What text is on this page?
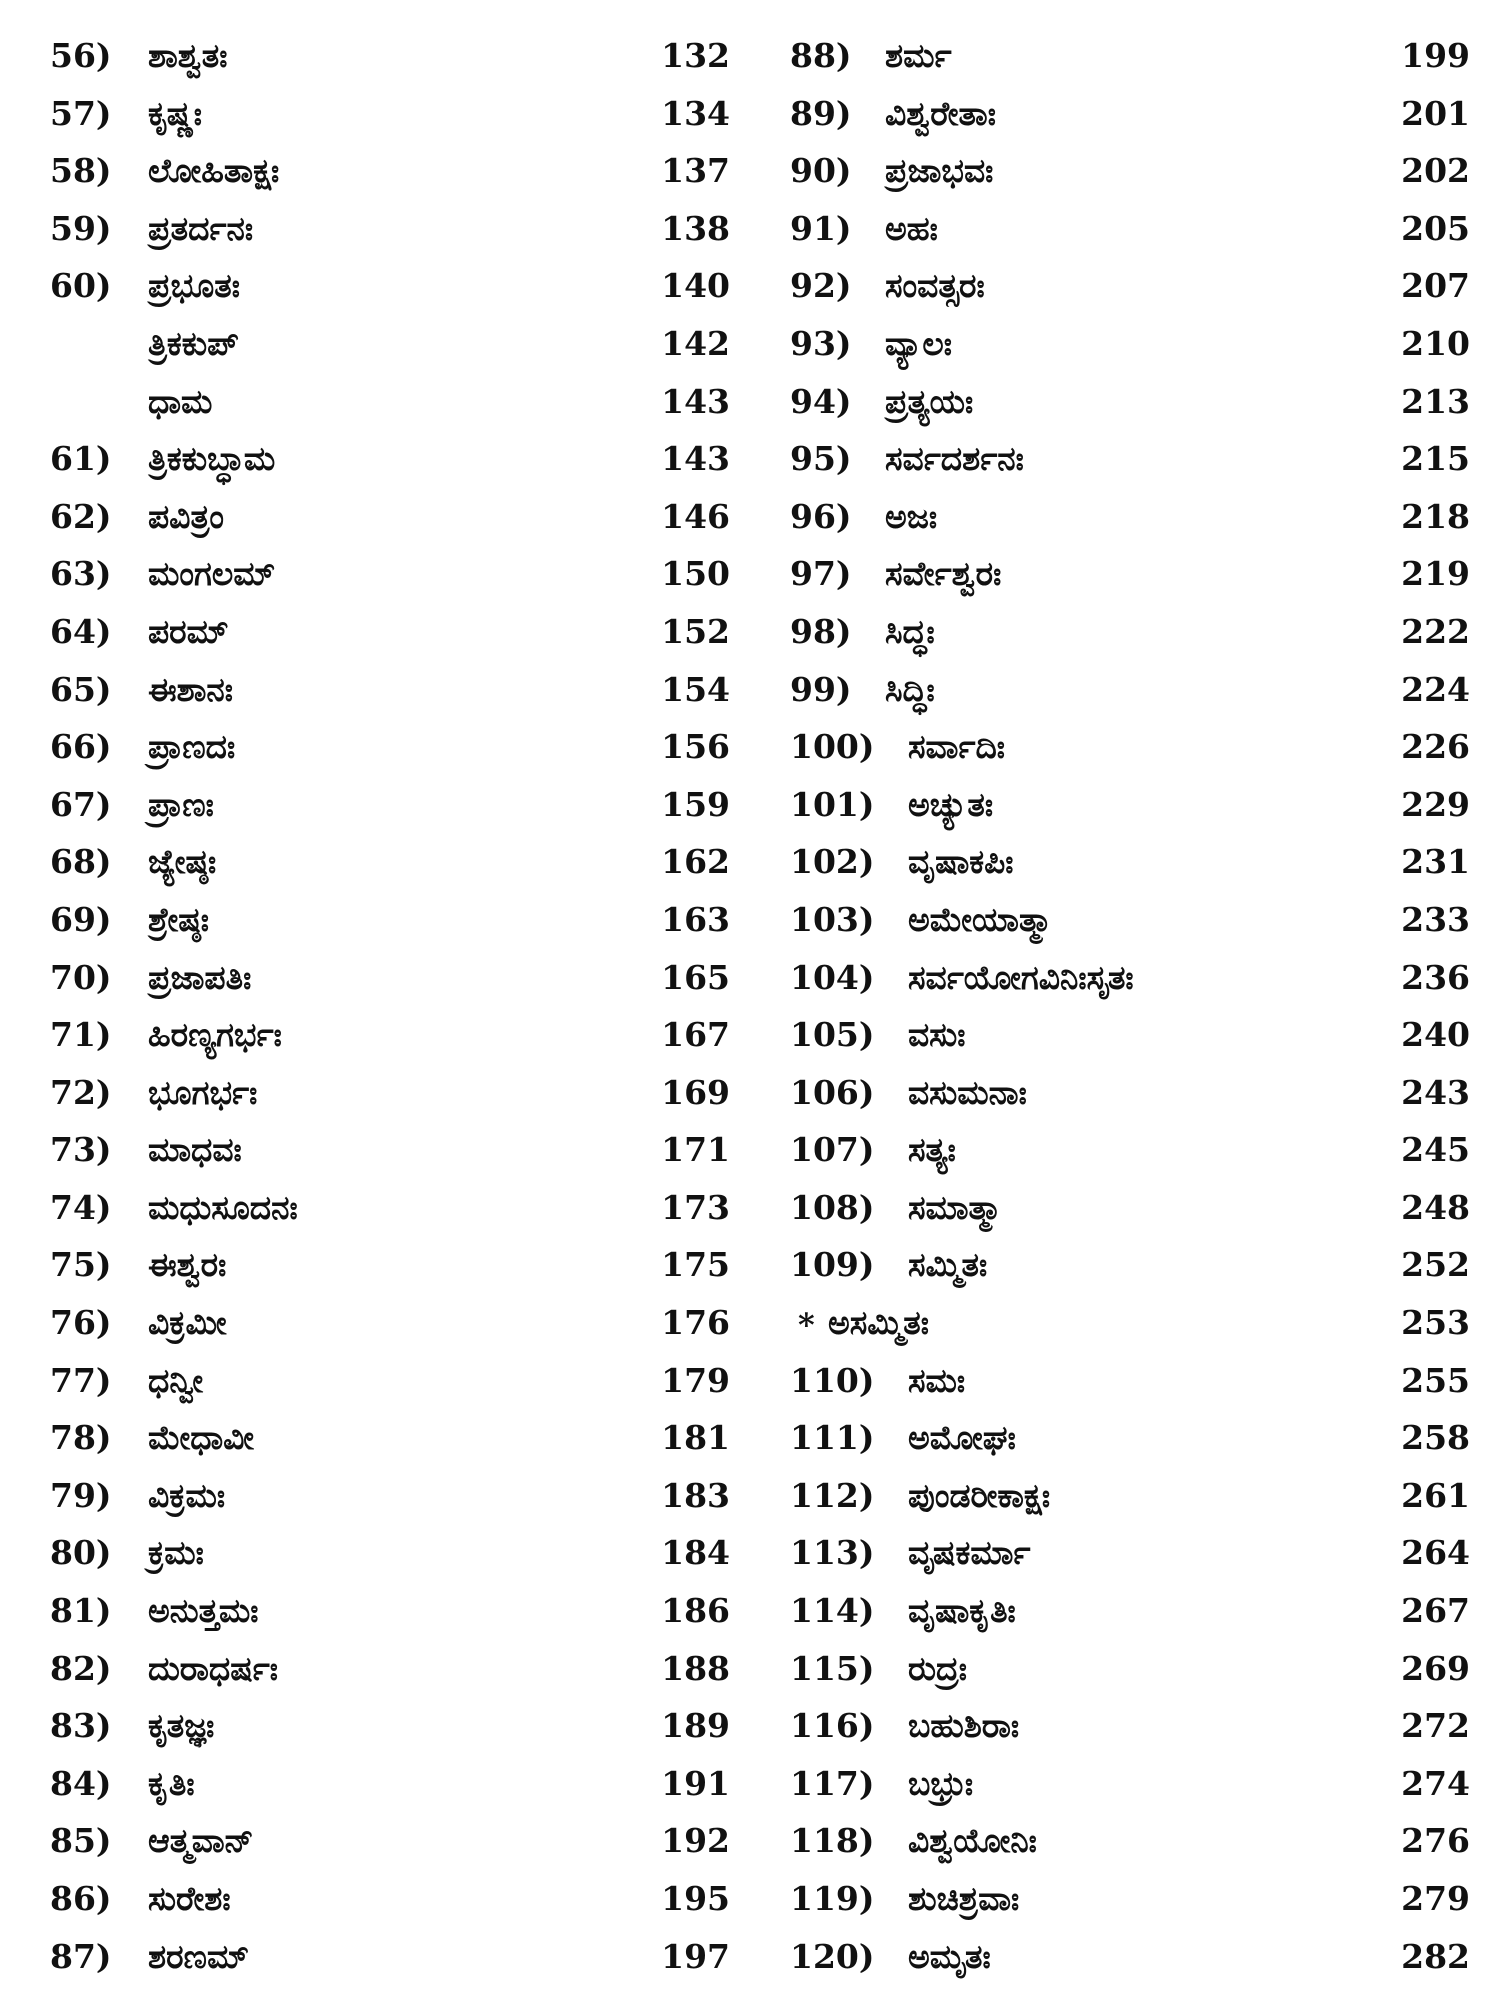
56) ಶಾಶ್ವತಃ	132
57) ಕೃಷ್ಣಃ	134
58) ಲೋಹಿತಾಕ್ಷಃ	137
59) ಪ್ರತರ್ದನಃ	138
60) ಪ್ರಭೂತಃ	140
ತ್ರಿಕಕುಪ್	142
ಧಾಮ	143
61) ತ್ರಿಕಕುಬ್ಧಾಮ	143
62) ಪವಿತ್ರಂ	146
63) ಮಂಗಲಮ್	150
64) ಪರಮ್	152
65) ಈಶಾನಃ	154
66) ಪ್ರಾಣದಃ	156
67) ಪ್ರಾಣಃ	159
68) ಜ್ಯೇಷ್ಠಃ	162
69) ಶ್ರೇಷ್ಠಃ	163
70) ಪ್ರಜಾಪತಿಃ	165
71) ಹಿರಣ್ಯಗರ್ಭಃ	167
72) ಭೂಗರ್ಭಃ	169
73) ಮಾಧವಃ	171
74) ಮಧುಸೂದನಃ	173
75) ಈಶ್ವರಃ	175
76) ವಿಕ್ರಮೀ	176
77) ಧನ್ವೀ	179
78) ಮೇಧಾವೀ	181
79) ವಿಕ್ರಮಃ	183
80) ಕ್ರಮಃ	184
81) ಅನುತ್ತಮಃ	186
82) ದುರಾಧರ್ಷಃ	188
83) ಕೃತಜ್ಞಃ	189
84) ಕೃತಿಃ	191
85) ಆತ್ಮವಾನ್	192
86) ಸುರೇಶಃ	195
87) ಶರಣಮ್	197
88) ಶರ್ಮ	199
89) ವಿಶ್ವರೇತಾಃ	201
90) ಪ್ರಜಾಭವಃ	202
91) ಅಹಃ	205
92) ಸಂವತ್ಸರಃ	207
93) ವ್ಯಾಲಃ	210
94) ಪ್ರತ್ಯಯಃ	213
95) ಸರ್ವದರ್ಶನಃ	215
96) ಅಜಃ	218
97) ಸರ್ವೇಶ್ವರಃ	219
98) ಸಿದ್ಧಃ	222
99) ಸಿದ್ಧಿಃ	224
100) ಸರ್ವಾದಿಃ	226
101) ಅಚ್ಯುತಃ	229
102) ವೃಷಾಕಪಿಃ	231
103) ಅಮೇಯಾತ್ಮಾ	233
104) ಸರ್ವಯೋಗವಿನಿಃಸೃತಃ	236
105) ವಸುಃ	240
106) ವಸುಮನಾಃ	243
107) ಸತ್ಯಃ	245
108) ಸಮಾತ್ಮಾ	248
109) ಸಮ್ಮಿತಃ	252
* ಅಸಮ್ಮಿತಃ	253
110) ಸಮಃ	255
111) ಅಮೋಘಃ	258
112) ಪುಂಡರೀಕಾಕ್ಷಃ	261
113) ವೃಷಕರ್ಮಾ	264
114) ವೃಷಾಕೃತಿಃ	267
115) ರುದ್ರಃ	269
116) ಬಹುಶಿರಾಃ	272
117) ಬಭ್ರುಃ	274
118) ವಿಶ್ವಯೋನಿಃ	276
119) ಶುಚಿಶ್ರವಾಃ	279
120) ಅಮೃತಃ	282
